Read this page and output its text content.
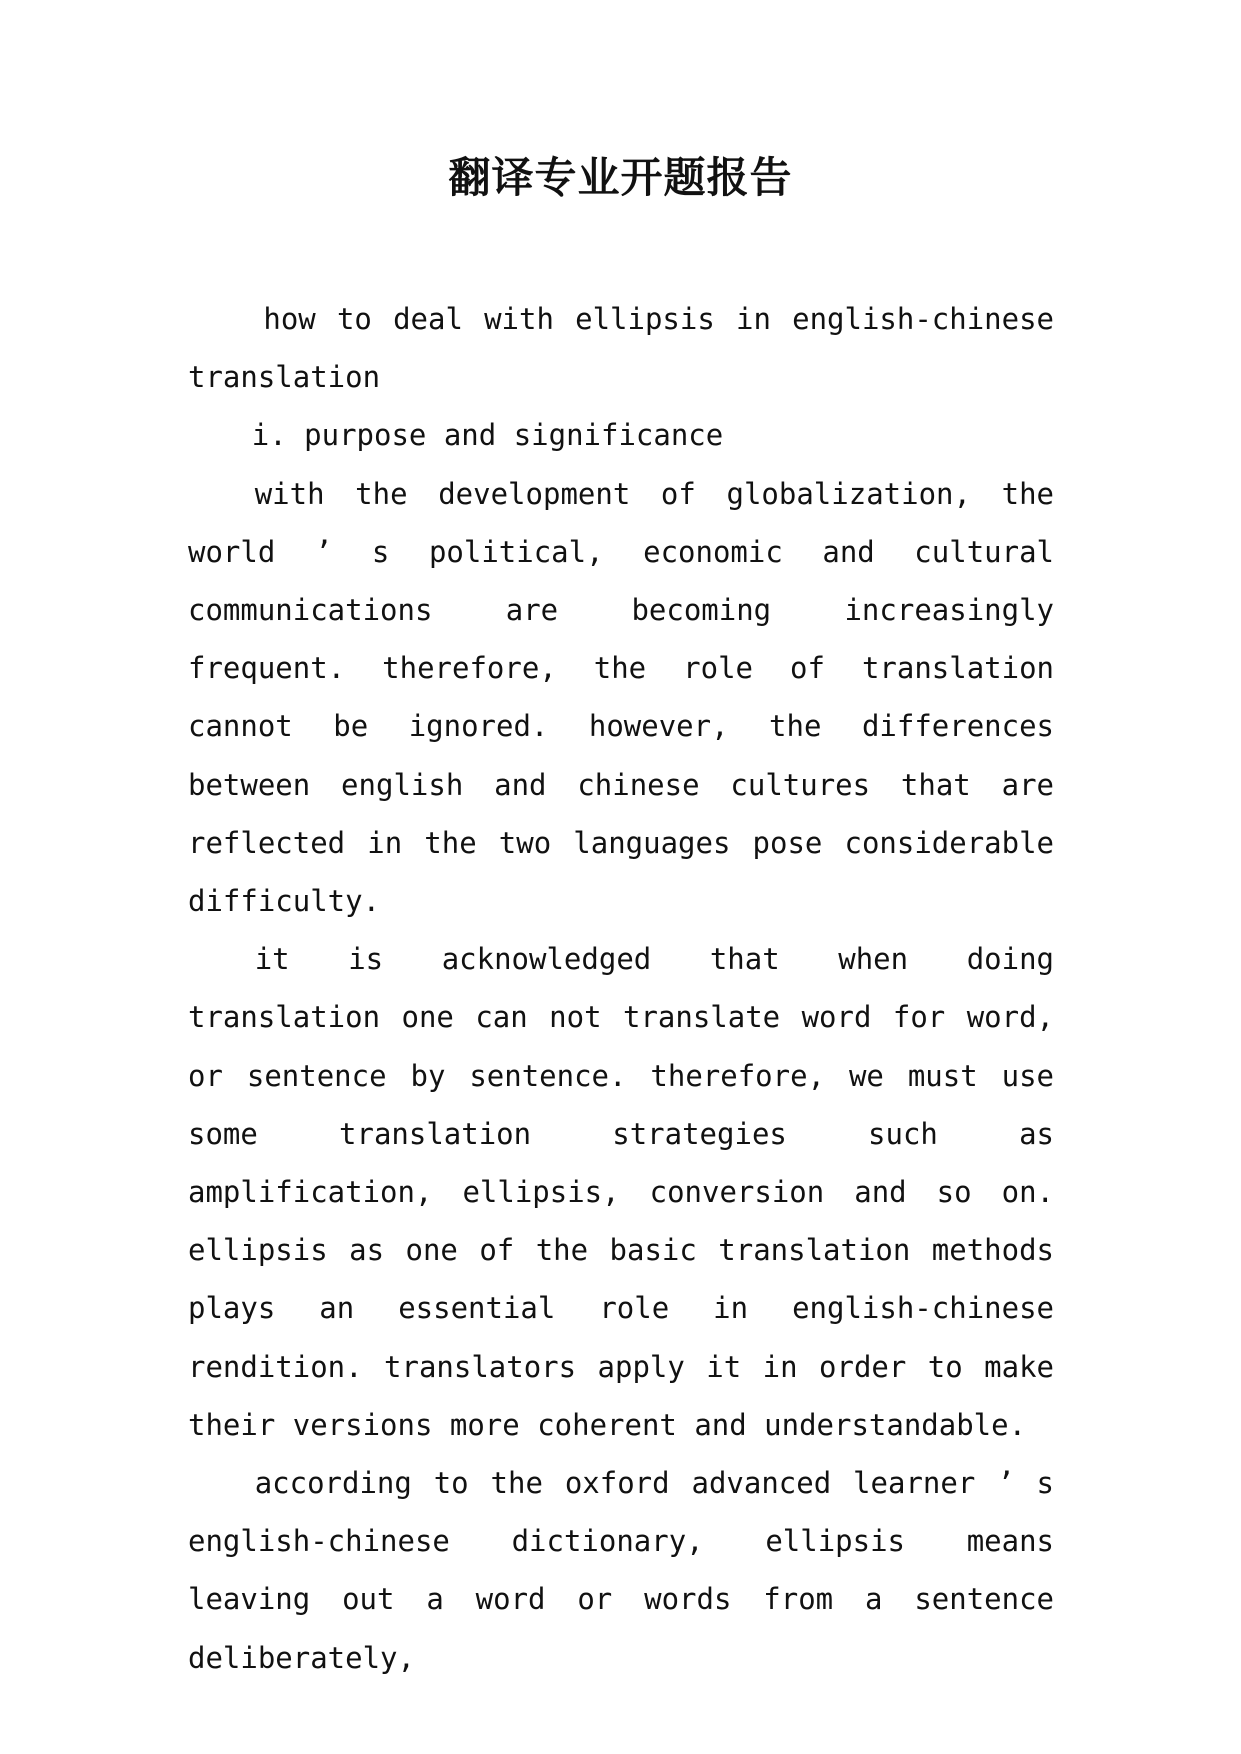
翻译专业开题报告

how to deal with ellipsis in english-chinese translation

i. purpose and significance

with the development of globalization, the world ’ s political, economic and cultural communications are becoming increasingly frequent. therefore, the role of translation cannot be ignored. however, the differences between english and chinese cultures that are reflected in the two languages pose considerable difficulty.

it is acknowledged that when doing translation one can not translate word for word, or sentence by sentence. therefore, we must use some translation strategies such as amplification, ellipsis, conversion and so on. ellipsis as one of the basic translation methods plays an essential role in english-chinese rendition. translators apply it in order to make their versions more coherent and understandable.

according to the oxford advanced learner ’ s english-chinese dictionary, ellipsis means leaving out a word or words from a sentence deliberately,
